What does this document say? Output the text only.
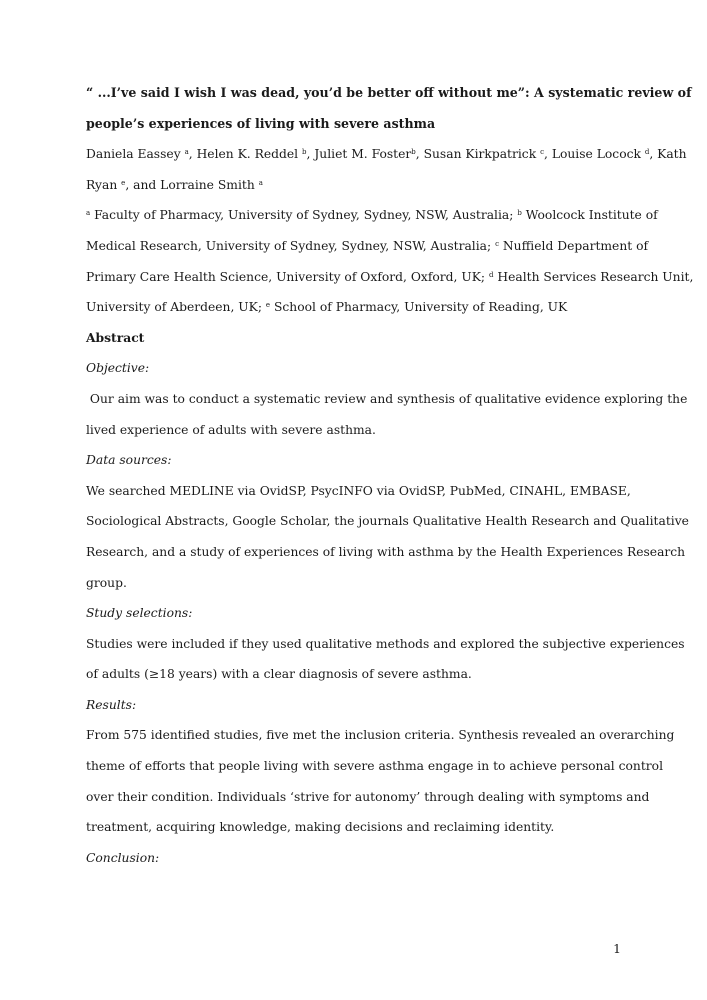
“ ...I’ve said I wish I was dead, you’d be better off without me”: A systematic review of

people’s experiences of living with severe asthma

Daniela Eassey $^a$, Helen K. Reddel $^b$, Juliet M. Foster$^b$, Susan Kirkpatrick $^c$, Louise Locock $^d$, Kath

Ryan $^e$, and Lorraine Smith $^a$

$^a$ Faculty of Pharmacy, University of Sydney, Sydney, NSW, Australia; $^b$ Woolcock Institute of

Medical Research, University of Sydney, Sydney, NSW, Australia; $^c$ Nuffield Department of

Primary Care Health Science, University of Oxford, Oxford, UK; $^d$ Health Services Research Unit,

University of Aberdeen, UK; $^e$ School of Pharmacy, University of Reading, UK

Abstract

Objective:

Our aim was to conduct a systematic review and synthesis of qualitative evidence exploring the

lived experience of adults with severe asthma.

Data sources:

We searched MEDLINE via OvidSP, PsycINFO via OvidSP, PubMed, CINAHL, EMBASE,

Sociological Abstracts, Google Scholar, the journals Qualitative Health Research and Qualitative

Research, and a study of experiences of living with asthma by the Health Experiences Research

group.

Study selections:

Studies were included if they used qualitative methods and explored the subjective experiences

of adults (≥18 years) with a clear diagnosis of severe asthma.

Results:

From 575 identified studies, five met the inclusion criteria. Synthesis revealed an overarching

theme of efforts that people living with severe asthma engage in to achieve personal control

over their condition. Individuals ‘strive for autonomy’ through dealing with symptoms and

treatment, acquiring knowledge, making decisions and reclaiming identity.

Conclusion:

1
